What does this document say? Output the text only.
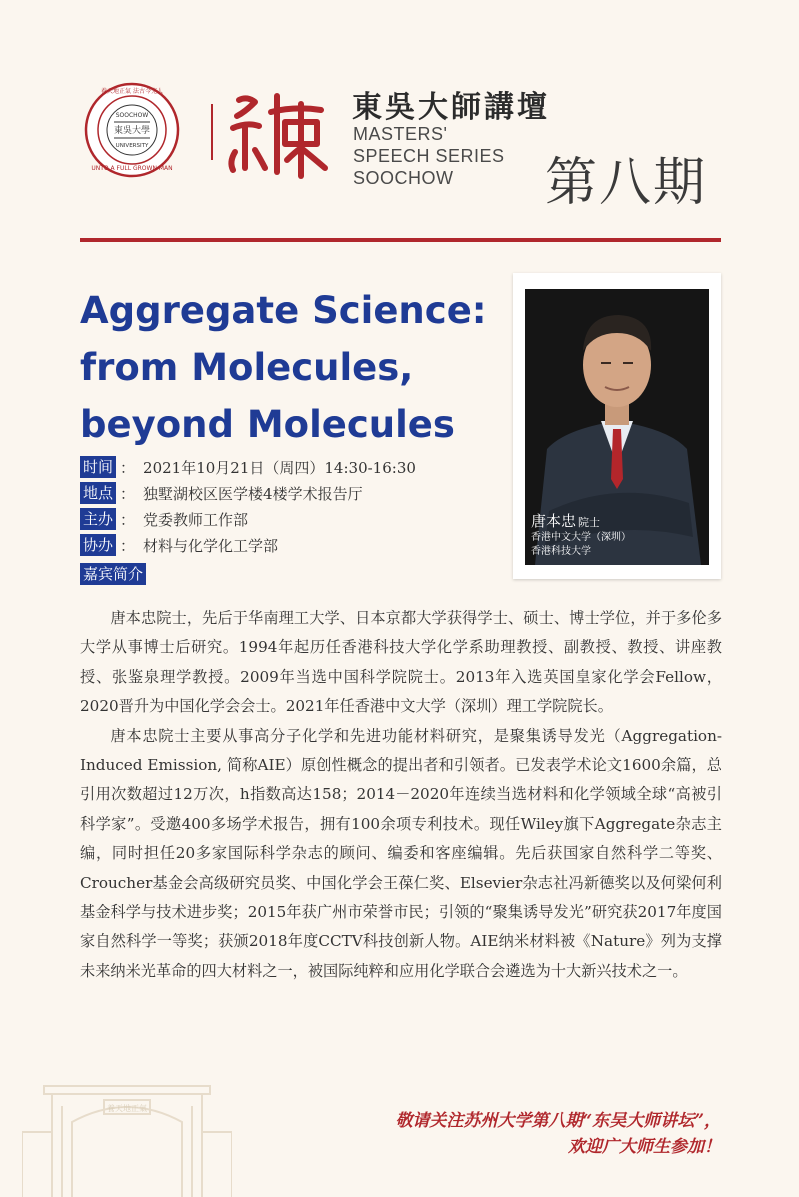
SOOCHOW
東吳大學
UNIVERSITY
UNTO A FULL GROWN MAN
養天地正氣 法古今完人	東吳大師講壇
MASTERS'
SPEECH SERIES
SOOCHOW	第八期
Aggregate Science:
from Molecules,
beyond Molecules
唐本忠 院士
香港中文大学（深圳）
香港科技大学
时间 ： 2021年10月21日（周四）14:30-16:30
地点 ： 独墅湖校区医学楼4楼学术报告厅
主办 ： 党委教师工作部
协办 ： 材料与化学化工学部
嘉宾简介

唐本忠院士，先后于华南理工大学、日本京都大学获得学士、硕士、博士学位，并于多伦多大学从事博士后研究。1994年起历任香港科技大学化学系助理教授、副教授、教授、讲座教授、张鉴泉理学教授。2009年当选中国科学院院士。2013年入选英国皇家化学会Fellow，2020晋升为中国化学会会士。2021年任香港中文大学（深圳）理工学院院长。

唐本忠院士主要从事高分子化学和先进功能材料研究，是聚集诱导发光（Aggregation-Induced Emission, 简称AIE）原创性概念的提出者和引领者。已发表学术论文1600余篇，总引用次数超过12万次，h指数高达158；2014－2020年连续当选材料和化学领域全球“高被引科学家”。受邀400多场学术报告，拥有100余项专利技术。现任Wiley旗下Aggregate杂志主编，同时担任20多家国际科学杂志的顾问、编委和客座编辑。先后获国家自然科学二等奖、Croucher基金会高级研究员奖、中国化学会王葆仁奖、Elsevier杂志社冯新德奖以及何梁何利基金科学与技术进步奖；2015年获广州市荣誉市民；引领的“聚集诱导发光”研究获2017年度国家自然科学一等奖；获颁2018年度CCTV科技创新人物。AIE纳米材料被《Nature》列为支撑未来纳米光革命的四大材料之一，被国际纯粹和应用化学联合会遴选为十大新兴技术之一。

養天地正氣
敬请关注苏州大学第八期“东吴大师讲坛”，
欢迎广大师生参加！
